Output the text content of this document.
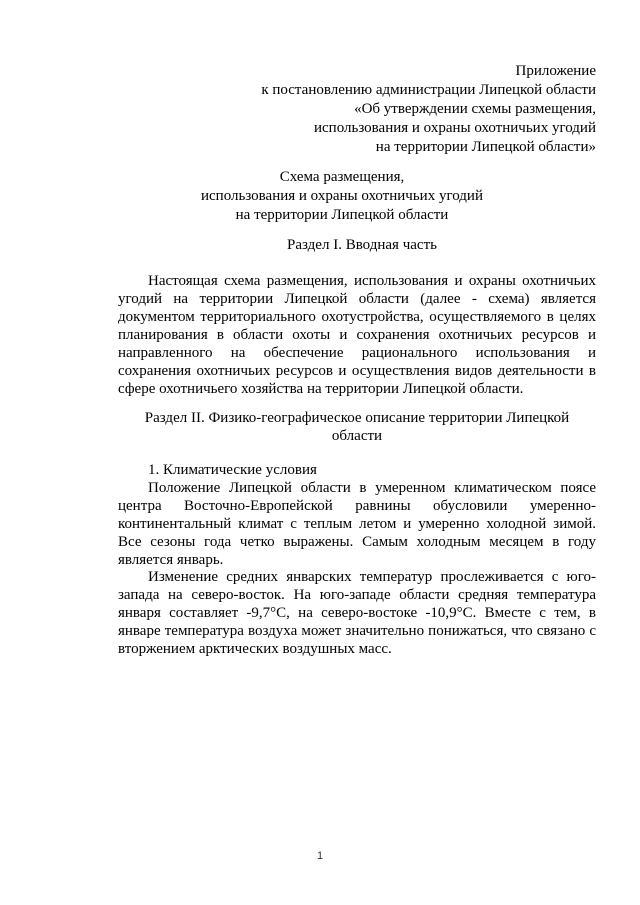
Приложение
к постановлению администрации Липецкой области
«Об утверждении схемы размещения,
использования и охраны охотничьих угодий
на территории Липецкой области»
Схема размещения,
использования и охраны охотничьих угодий
на территории Липецкой области
Раздел I. Вводная часть
Настоящая схема размещения, использования и охраны охотничьих угодий на территории Липецкой области (далее - схема) является документом территориального охотустройства, осуществляемого в целях планирования в области охоты и сохранения охотничьих ресурсов и направленного на обеспечение рационального использования и сохранения охотничьих ресурсов и осуществления видов деятельности в сфере охотничьего хозяйства на территории Липецкой области.
Раздел II. Физико-географическое описание территории Липецкой области
1. Климатические условия
Положение Липецкой области в умеренном климатическом поясе центра Восточно-Европейской равнины обусловили умеренно-континентальный климат с теплым летом и умеренно холодной зимой. Все сезоны года четко выражены. Самым холодным месяцем в году является январь.
Изменение средних январских температур прослеживается с юго-запада на северо-восток. На юго-западе области средняя температура января составляет -9,7°С, на северо-востоке -10,9°С. Вместе с тем, в январе температура воздуха может значительно понижаться, что связано с вторжением арктических воздушных масс.
1
